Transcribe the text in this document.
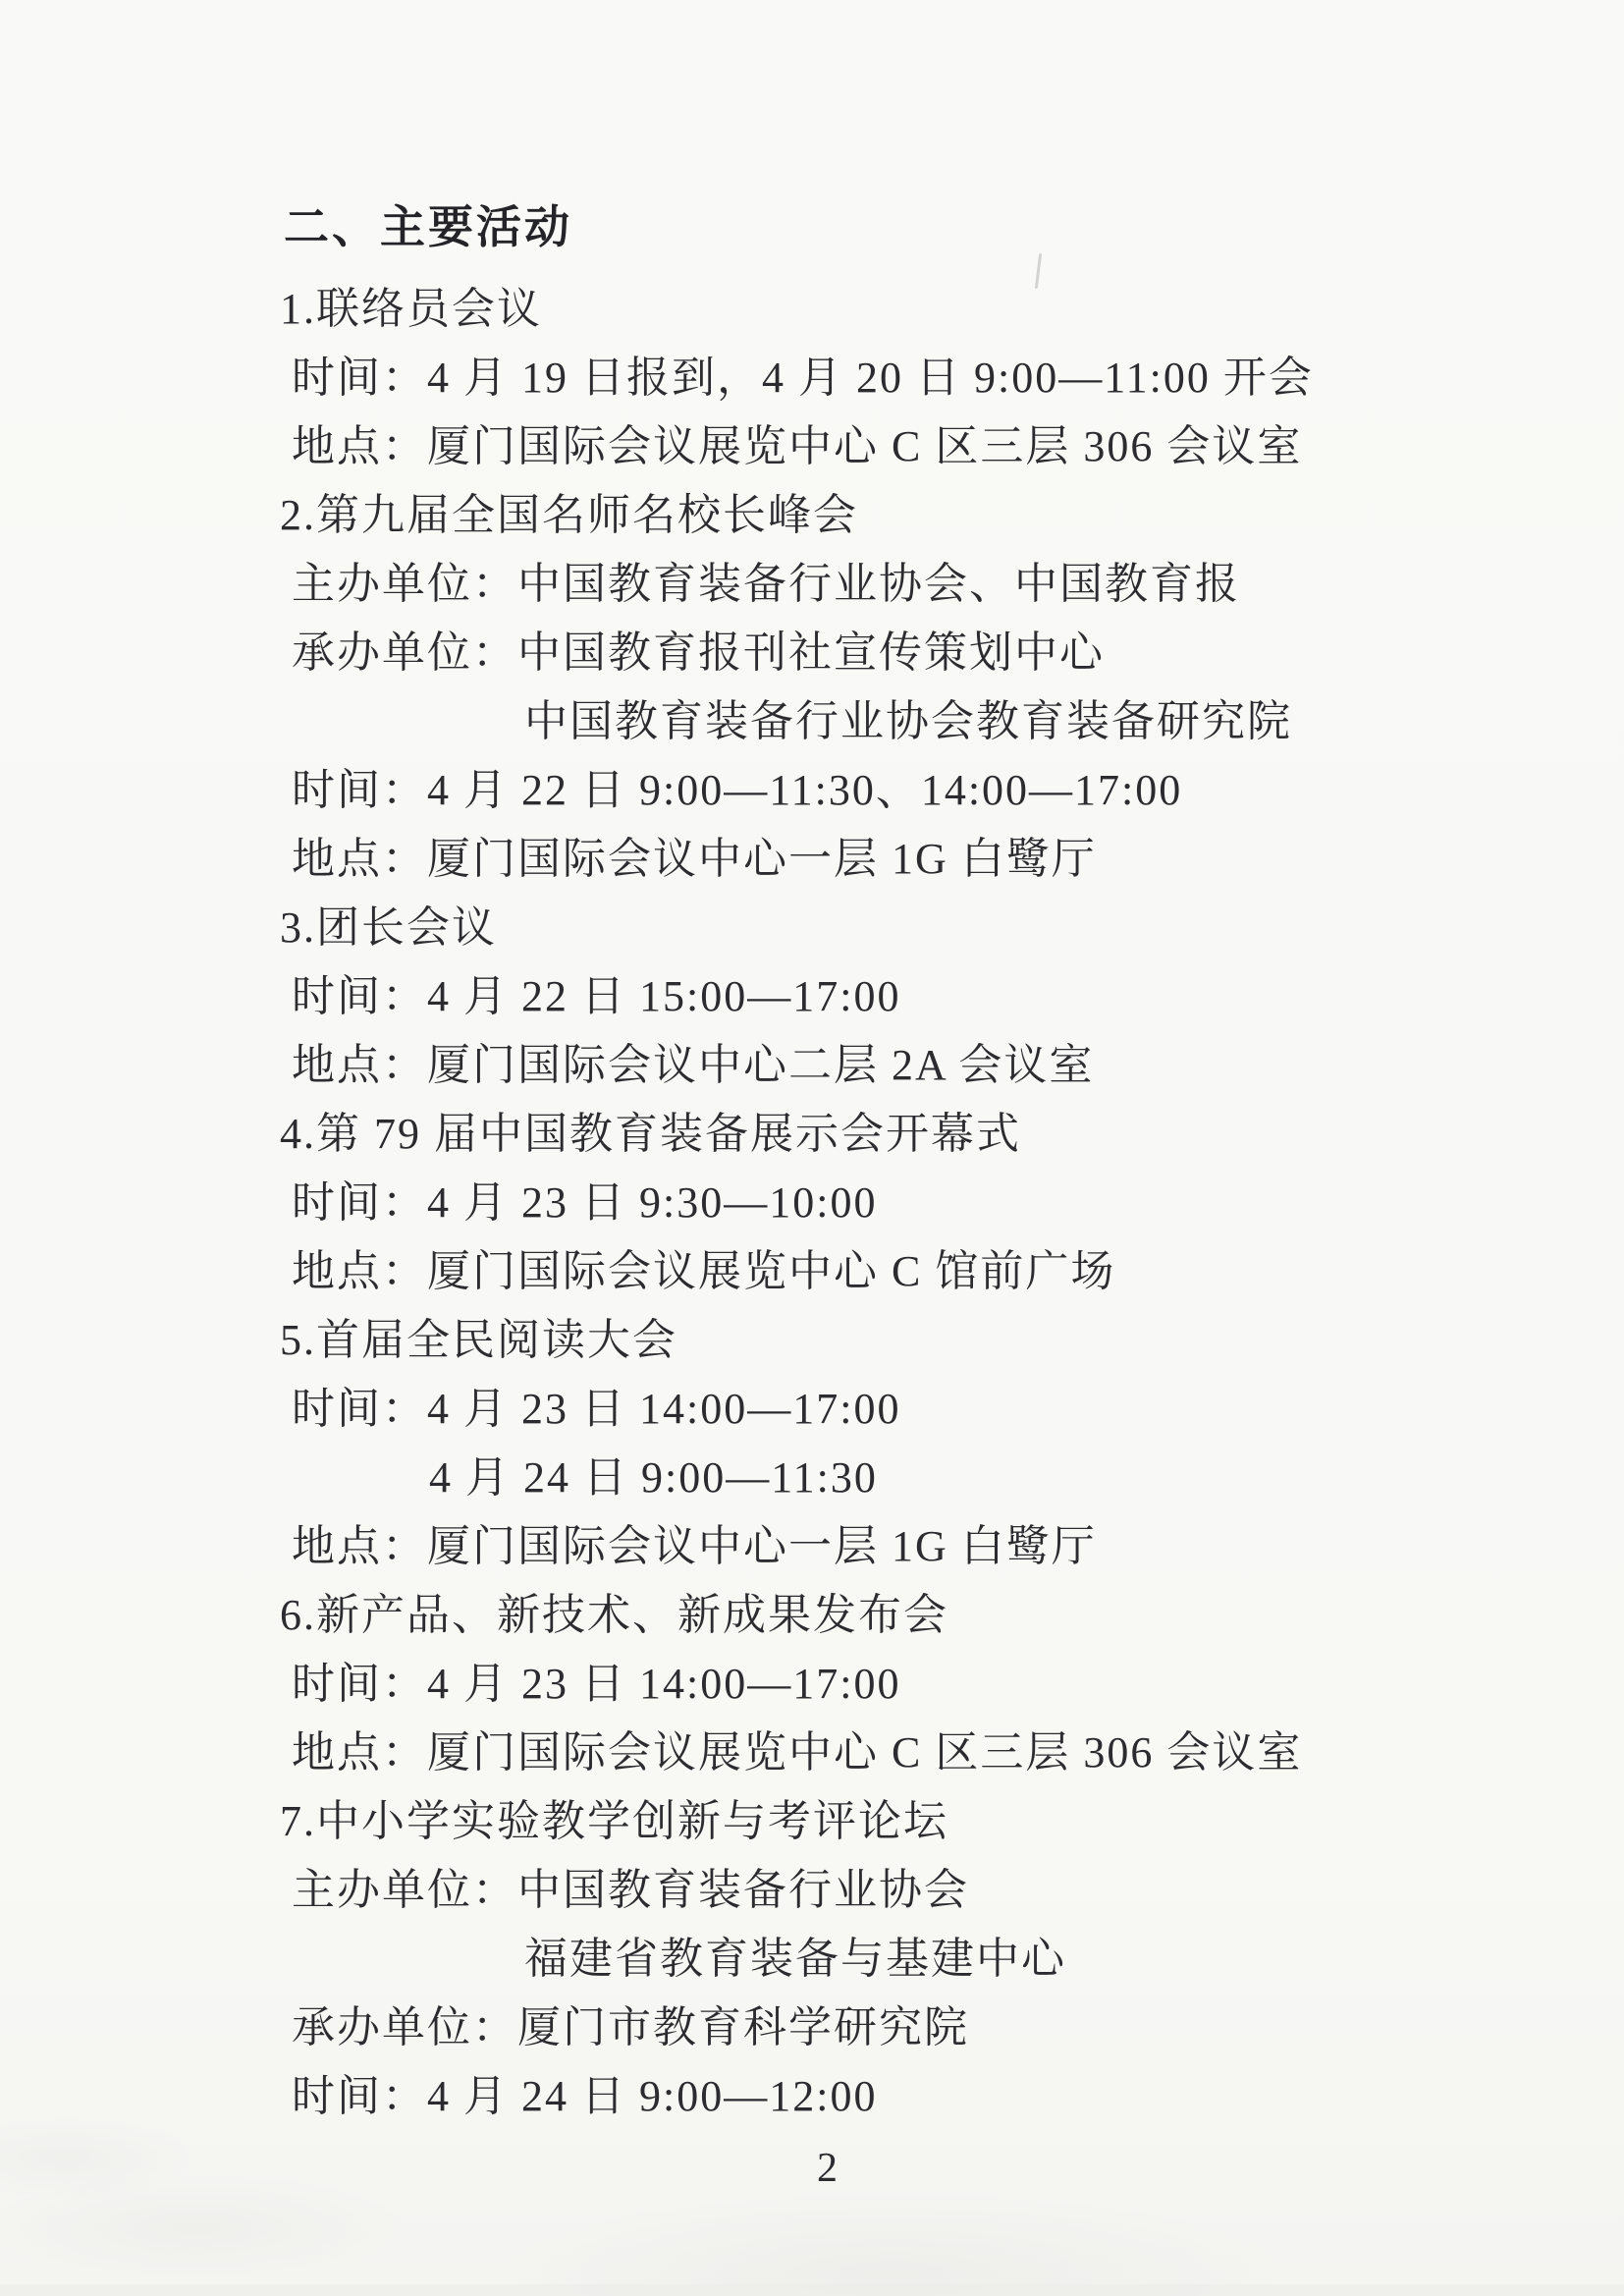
二、主要活动
1.联络员会议
时间：4 月 19 日报到，4 月 20 日 9:00—11:00 开会
地点：厦门国际会议展览中心 C 区三层 306 会议室
2.第九届全国名师名校长峰会
主办单位：中国教育装备行业协会、中国教育报
承办单位：中国教育报刊社宣传策划中心
中国教育装备行业协会教育装备研究院
时间：4 月 22 日 9:00—11:30、14:00—17:00
地点：厦门国际会议中心一层 1G 白鹭厅
3.团长会议
时间：4 月 22 日 15:00—17:00
地点：厦门国际会议中心二层 2A 会议室
4.第 79 届中国教育装备展示会开幕式
时间：4 月 23 日 9:30—10:00
地点：厦门国际会议展览中心 C 馆前广场
5.首届全民阅读大会
时间：4 月 23 日 14:00—17:00
4 月 24 日 9:00—11:30
地点：厦门国际会议中心一层 1G 白鹭厅
6.新产品、新技术、新成果发布会
时间：4 月 23 日 14:00—17:00
地点：厦门国际会议展览中心 C 区三层 306 会议室
7.中小学实验教学创新与考评论坛
主办单位：中国教育装备行业协会
福建省教育装备与基建中心
承办单位：厦门市教育科学研究院
时间：4 月 24 日 9:00—12:00
2
